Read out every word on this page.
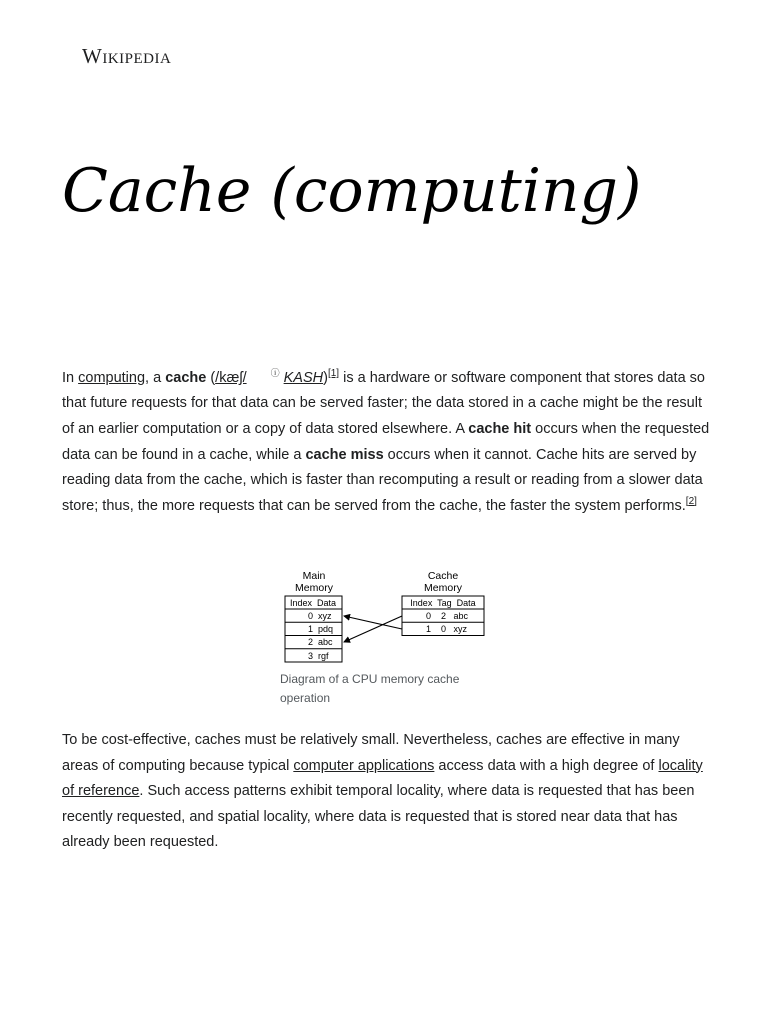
Wikipedia
Cache (computing)

In computing, a cache (/kæʃ/	ⓘ KASH)[1] is a hardware or software component that stores data so that future requests for that data can be served faster; the data stored in a cache might be the result of an earlier computation or a copy of data stored elsewhere. A cache hit occurs when the requested data can be found in a cache, while a cache miss occurs when it cannot. Cache hits are served by reading data from the cache, which is faster than recomputing a result or reading from a slower data store; thus, the more requests that can be served from the cache, the faster the system performs.[2]

Main
Memory
Cache
Memory
Index  Data
0  xyz
1  pdq
2  abc
3  rgf
Index  Tag  Data
0    2   abc
1    0   xyz
Diagram of a CPU memory cache operation

To be cost-effective, caches must be relatively small. Nevertheless, caches are effective in many areas of computing because typical computer applications access data with a high degree of locality of reference. Such access patterns exhibit temporal locality, where data is requested that has been recently requested, and spatial locality, where data is requested that is stored near data that has already been requested.
